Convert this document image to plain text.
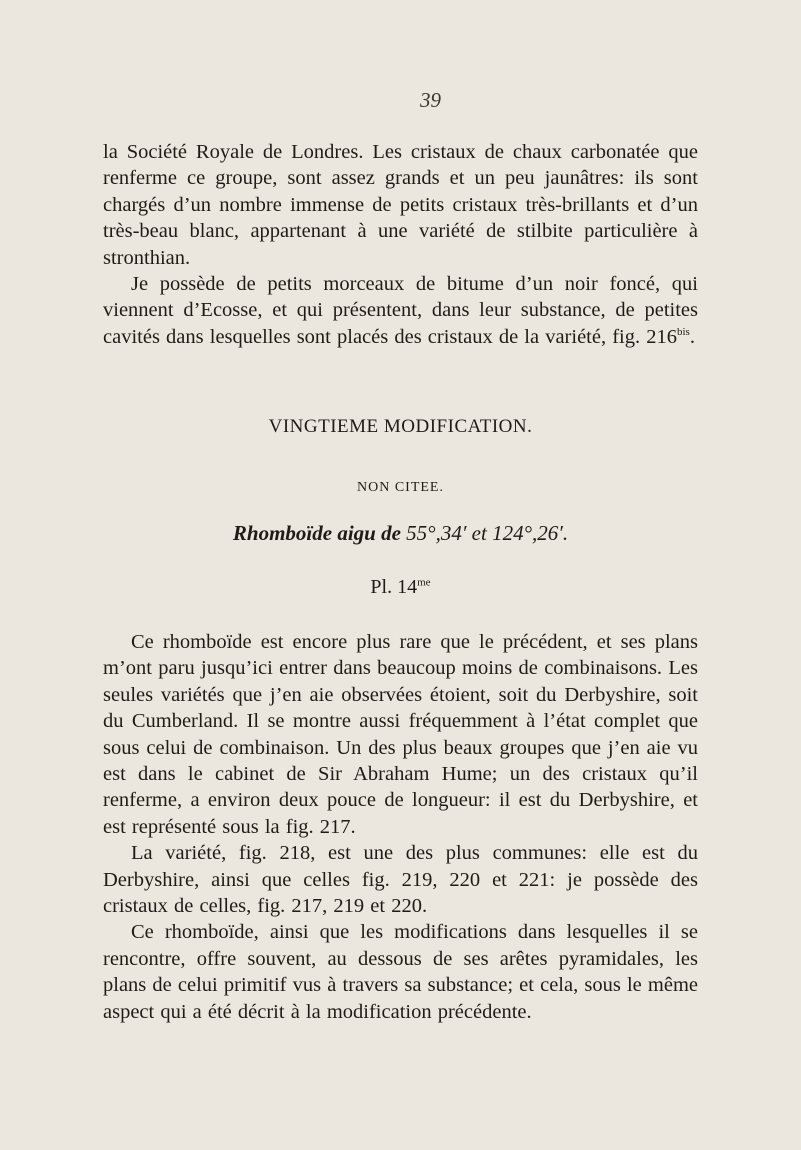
39

la Société Royale de Londres. Les cristaux de chaux carbonatée que renferme ce groupe, sont assez grands et un peu jaunâtres: ils sont chargés d’un nombre immense de petits cristaux très-brillants et d’un très-beau blanc, appartenant à une variété de stilbite particulière à stronthian.

Je possède de petits morceaux de bitume d’un noir foncé, qui viennent d’Ecosse, et qui présentent, dans leur substance, de petites cavités dans lesquelles sont placés des cristaux de la variété, fig. $216^{bis}$.

VINGTIEME MODIFICATION.
NON CITEE.
Rhomboïde aigu de 55°,34′ et 124°,26′.
Pl. $14^{me}$

Ce rhomboïde est encore plus rare que le précédent, et ses plans m’ont paru jusqu’ici entrer dans beaucoup moins de combinaisons. Les seules variétés que j’en aie observées étoient, soit du Derbyshire, soit du Cumberland. Il se montre aussi fréquemment à l’état complet que sous celui de combinaison. Un des plus beaux groupes que j’en aie vu est dans le cabinet de Sir Abraham Hume; un des cristaux qu’il renferme, a environ deux pouce de longueur: il est du Derbyshire, et est représenté sous la fig. 217.

La variété, fig. 218, est une des plus communes: elle est du Derbyshire, ainsi que celles fig. 219, 220 et 221: je possède des cristaux de celles, fig. 217, 219 et 220.

Ce rhomboïde, ainsi que les modifications dans lesquelles il se rencontre, offre souvent, au dessous de ses arêtes pyramidales, les plans de celui primitif vus à travers sa substance; et cela, sous le même aspect qui a été décrit à la modification précédente.
